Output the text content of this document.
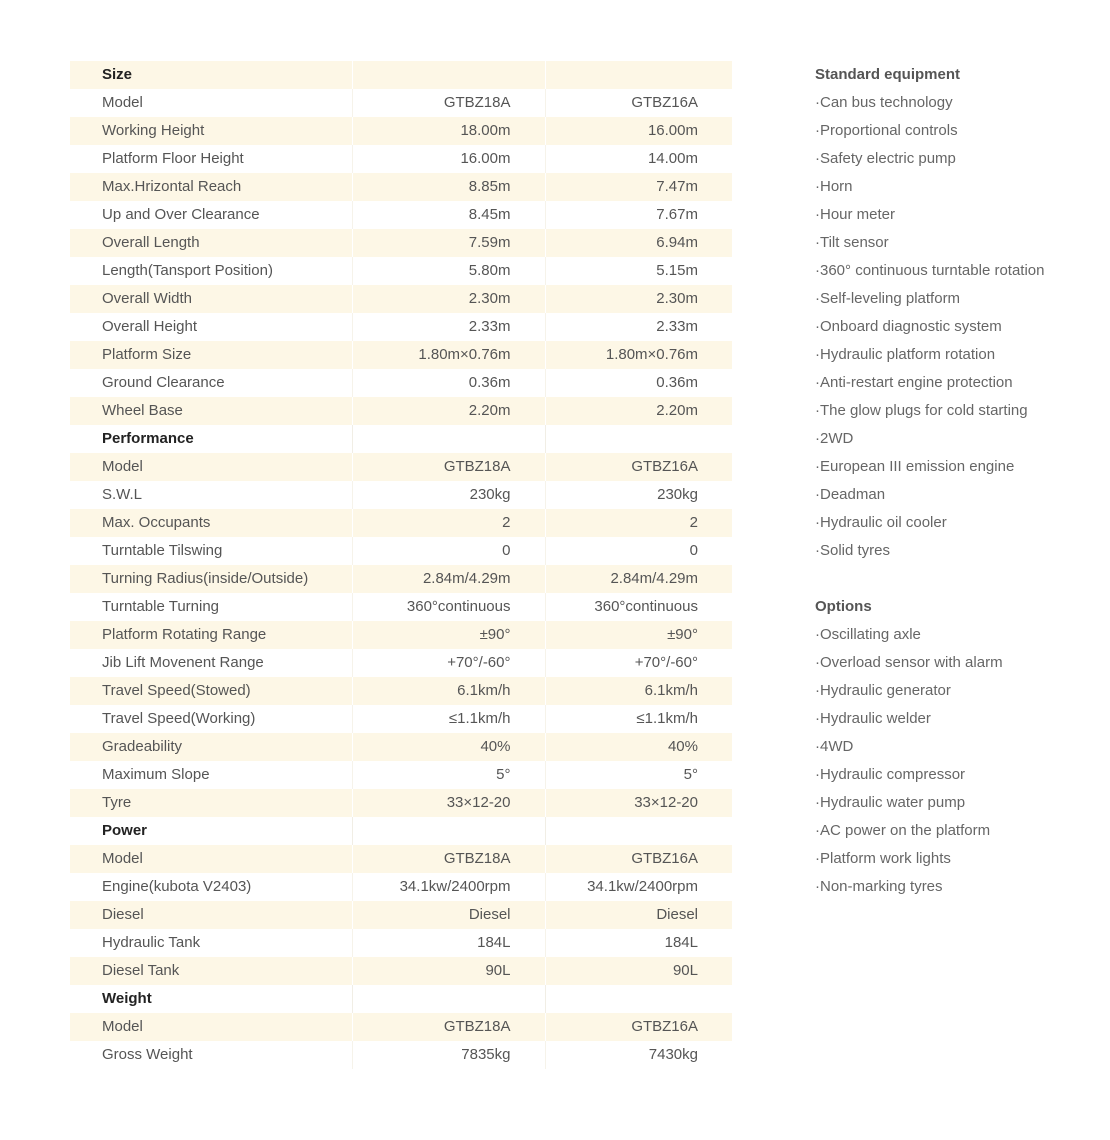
Size		
Model	GTBZ18A	GTBZ16A
Working Height	18.00m	16.00m
Platform Floor Height	16.00m	14.00m
Max.Hrizontal Reach	8.85m	7.47m
Up and Over Clearance	8.45m	7.67m
Overall Length	7.59m	6.94m
Length(Tansport Position)	5.80m	5.15m
Overall Width	2.30m	2.30m
Overall Height	2.33m	2.33m
Platform Size	1.80m×0.76m	1.80m×0.76m
Ground Clearance	0.36m	0.36m
Wheel Base	2.20m	2.20m
Performance		
Model	GTBZ18A	GTBZ16A
S.W.L	230kg	230kg
Max. Occupants	2	2
Turntable Tilswing	0	0
Turning Radius(inside/Outside)	2.84m/4.29m	2.84m/4.29m
Turntable Turning	360°continuous	360°continuous
Platform Rotating Range	±90°	±90°
Jib Lift Movenent Range	+70°/-60°	+70°/-60°
Travel Speed(Stowed)	6.1km/h	6.1km/h
Travel Speed(Working)	≤1.1km/h	≤1.1km/h
Gradeability	40%	40%
Maximum Slope	5°	5°
Tyre	33×12-20	33×12-20
Power		
Model	GTBZ18A	GTBZ16A
Engine(kubota V2403)	34.1kw/2400rpm	34.1kw/2400rpm
Diesel	Diesel	Diesel
Hydraulic Tank	184L	184L
Diesel Tank	90L	90L
Weight		
Model	GTBZ18A	GTBZ16A
Gross Weight	7835kg	7430kg
Standard equipment
·Can bus technology
·Proportional controls
·Safety electric pump
·Horn
·Hour meter
·Tilt sensor
·360° continuous turntable rotation
·Self-leveling platform
·Onboard diagnostic system
·Hydraulic platform rotation
·Anti-restart engine protection
·The glow plugs for cold starting
·2WD
·European III emission engine
·Deadman
·Hydraulic oil cooler
·Solid tyres
Options
·Oscillating axle
·Overload sensor with alarm
·Hydraulic generator
·Hydraulic welder
·4WD
·Hydraulic compressor
·Hydraulic water pump
·AC power on the platform
·Platform work lights
·Non-marking tyres
